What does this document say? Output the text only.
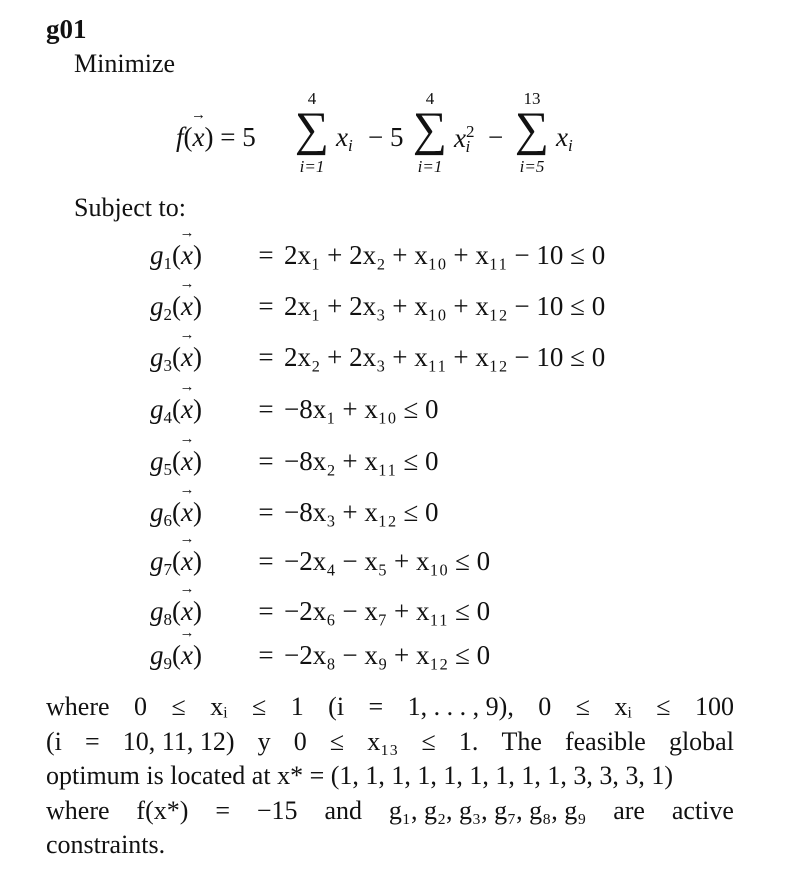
g01
Minimize
f(→ x) = 5
4
∑
i=1
$x_i - 5$
4
∑
i=1
$x^2_i$ −
13
∑
i=5
$x_i$
Subject to:
$g_1(\to x) = 2x_1 + 2x_2 + x_{10} + x_{11} - 10 \le 0$
$g_2(\to x) = 2x_1 + 2x_3 + x_{10} + x_{12} - 10 \le 0$
$g_3(\to x) = 2x_2 + 2x_3 + x_{11} + x_{12} - 10 \le 0$
$g_4(\to x) = -8x_1 + x_{10} \le 0$
$g_5(\to x) = -8x_2 + x_{11} \le 0$
$g_6(\to x) = -8x_3 + x_{12} \le 0$
$g_7(\to x) = -2x_4 - x_5 + x_{10} \le 0$
$g_8(\to x) = -2x_6 - x_7 + x_{11} \le 0$
$g_9(\to x) = -2x_8 - x_9 + x_{12} \le 0$
where 0 ≤ xᵢ ≤ 1 (i = 1, . . . , 9), 0 ≤ xᵢ ≤ 100
(i = 10, 11, 12) y 0 ≤ x₁₃ ≤ 1. The feasible global
optimum is located at x* = (1, 1, 1, 1, 1, 1, 1, 1, 1, 3, 3, 3, 1)
where f(x*) = −15 and g₁, g₂, g₃, g₇, g₈, g₉ are active
constraints.
